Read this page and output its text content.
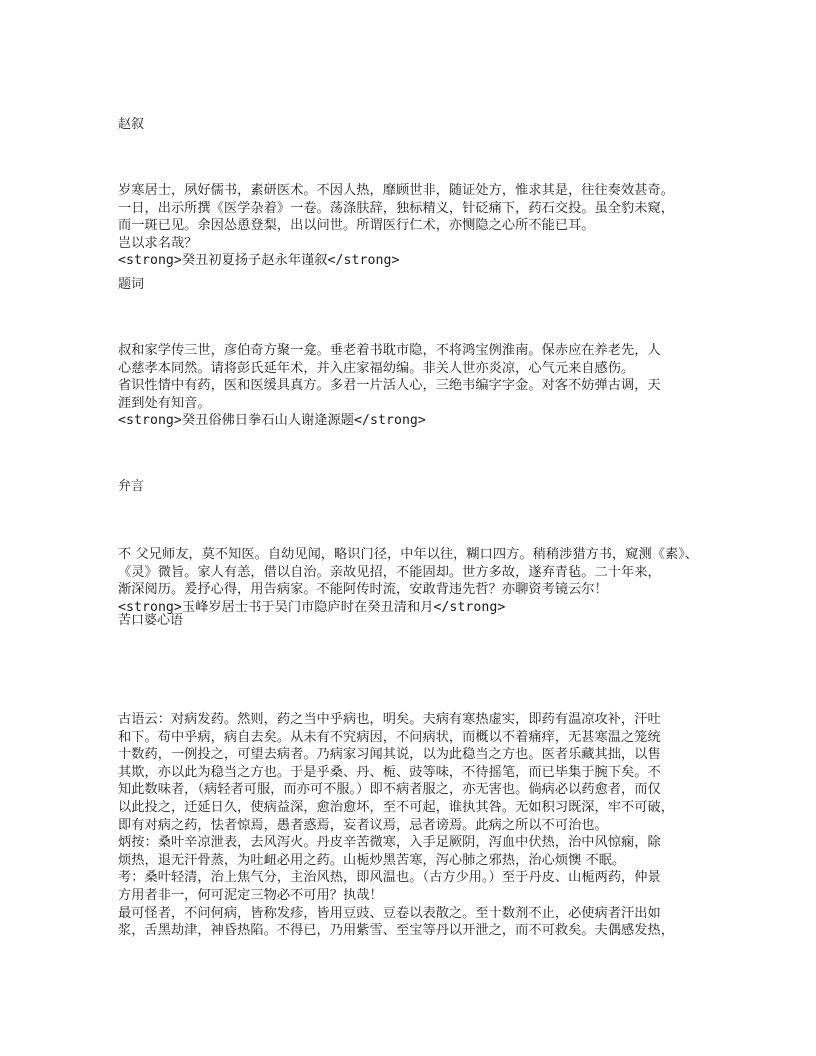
赵叙
岁寒居士，夙好儒书，素研医术。不因人热，靡顾世非，随证处方，惟求其是，往往奏效甚奇。
一日，出示所撰《医学杂着》一卷。荡涤肤辞，独标精义，针砭痛下，药石交投。虽全豹未窥，
而一斑已见。余因怂恿登梨，出以问世。所谓医行仁术，亦恻隐之心所不能已耳。
岂以求名哉？
<strong>癸丑初夏扬子赵永年谨叙</strong>
题词
叔和家学传三世，彦伯奇方聚一龛。垂老着书耽市隐，不将鸿宝例淮南。保赤应在养老先，人
心慈孝本同然。请将彭氏延年术，并入庄家福幼编。非关人世亦炎凉，心气元来自感伤。
省识性情中有药，医和医缓具真方。多君一片活人心，三绝韦编字字金。对客不妨弹古调，天
涯到处有知音。
<strong>癸丑俗佛日拳石山人谢逄源题</strong>
弁言
不 父兄师友，莫不知医。自幼见闻，略识门径，中年以往，糊口四方。稍稍涉猎方书，窥测《素》、
《灵》微旨。家人有恙，借以自治。亲故见招，不能固却。世方多故，遂弃青毡。二十年来，
渐深阅历。爰抒心得，用告病家。不能阿传时流，安敢背违先哲？亦聊资考镜云尔！
<strong>玉峰岁居士书于吴门市隐庐时在癸丑清和月</strong>
苦口婆心语
古语云：对病发药。然则，药之当中乎病也，明矣。夫病有寒热虚实，即药有温凉攻补，汗吐
和下。苟中乎病，病自去矣。从未有不究病因，不问病状，而概以不着痛痒，无甚寒温之笼统
十数药，一例投之，可望去病者。乃病家习闻其说，以为此稳当之方也。医者乐藏其拙，以售
其欺，亦以此为稳当之方也。于是乎桑、丹、栀、豉等味，不待摇笔，而已毕集于腕下矣。不
知此数味者，（病轻者可服，而亦可不服。）即不病者服之，亦无害也。倘病必以药愈者，而仅
以此投之，迁延日久，使病益深，愈治愈坏，至不可起，谁执其咎。无如积习既深，牢不可破，
即有对病之药，怯者惊焉，愚者惑焉，妄者议焉，忌者谤焉。此病之所以不可治也。
炳按：桑叶辛凉泄表，去风泻火。丹皮辛苦微寒，入手足厥阴，泻血中伏热，治中风惊痫，除
烦热，退无汗骨蒸，为吐衄必用之药。山栀炒黑苦寒，泻心肺之邪热，治心烦懊 不眠。
考：桑叶轻清，治上焦气分，主治风热，即风温也。（古方少用。）至于丹皮、山栀两药，仲景
方用者非一，何可泥定三物必不可用？执哉！
最可怪者，不问何病，皆称发疹，皆用豆豉、豆卷以表散之。至十数剂不止，必使病者汗出如
浆，舌黑劫津，神昏热陷。不得已，乃用紫雪、至宝等丹以开泄之，而不可救矣。夫偶感发热，
